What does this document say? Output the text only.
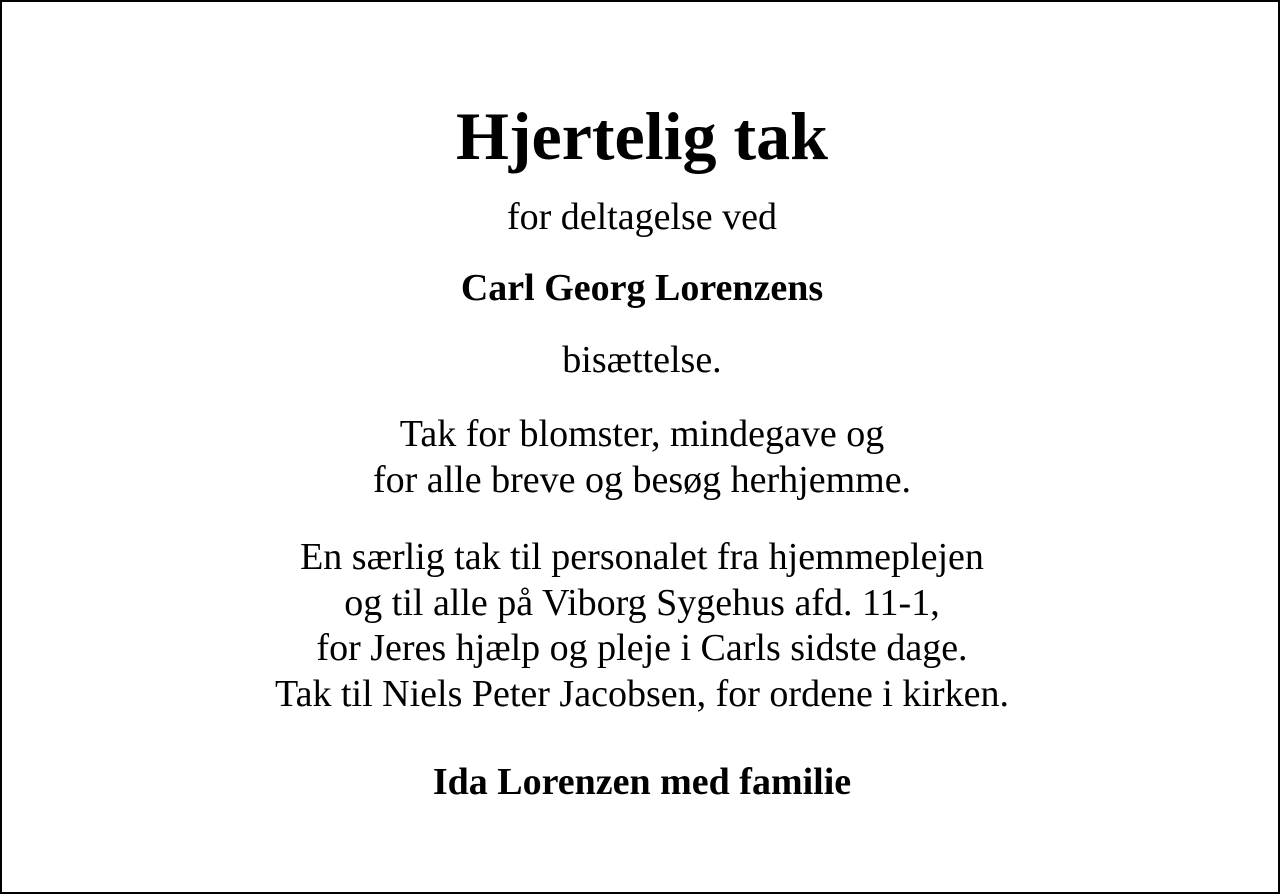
Hjertelig tak
for deltagelse ved
Carl Georg Lorenzens
bisættelse.
Tak for blomster, mindegave og
for alle breve og besøg herhjemme.
En særlig tak til personalet fra hjemmeplejen
og til alle på Viborg Sygehus afd. 11-1,
for Jeres hjælp og pleje i Carls sidste dage.
Tak til Niels Peter Jacobsen, for ordene i kirken.
Ida Lorenzen med familie
